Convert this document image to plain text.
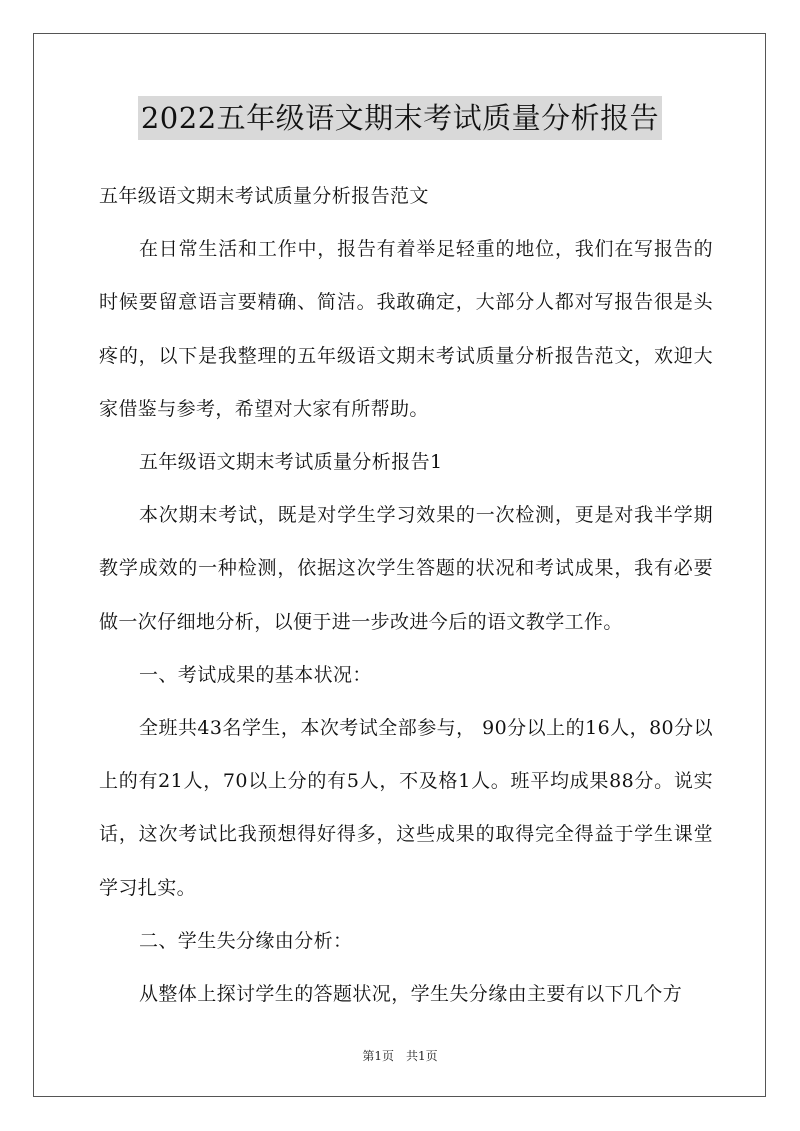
2022五年级语文期末考试质量分析报告

五年级语文期末考试质量分析报告范文

在日常生活和工作中，报告有着举足轻重的地位，我们在写报告的时候要留意语言要精确、简洁。我敢确定，大部分人都对写报告很是头疼的，以下是我整理的五年级语文期末考试质量分析报告范文，欢迎大家借鉴与参考，希望对大家有所帮助。

五年级语文期末考试质量分析报告1

本次期末考试，既是对学生学习效果的一次检测，更是对我半学期教学成效的一种检测，依据这次学生答题的状况和考试成果，我有必要做一次仔细地分析，以便于进一步改进今后的语文教学工作。

一、考试成果的基本状况：

全班共43名学生，本次考试全部参与， 90分以上的16人，80分以上的有21人，70以上分的有5人，不及格1人。班平均成果88分。说实话，这次考试比我预想得好得多，这些成果的取得完全得益于学生课堂学习扎实。

二、学生失分缘由分析：

从整体上探讨学生的答题状况，学生失分缘由主要有以下几个方

第1页　共1页
